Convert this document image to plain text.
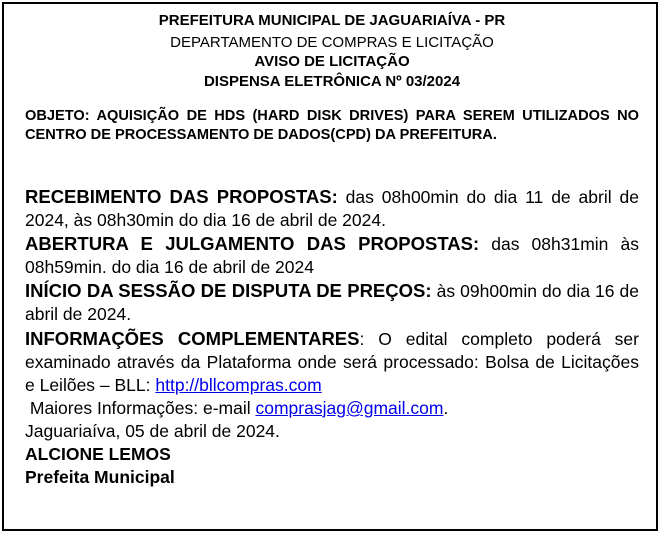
PREFEITURA MUNICIPAL DE JAGUARIAÍVA - PR
DEPARTAMENTO DE COMPRAS E LICITAÇÃO
AVISO DE LICITAÇÃO
DISPENSA ELETRÔNICA Nº 03/2024
OBJETO: AQUISIÇÃO DE HDS (HARD DISK DRIVES) PARA SEREM UTILIZADOS NO CENTRO DE PROCESSAMENTO DE DADOS(CPD) DA PREFEITURA.

RECEBIMENTO DAS PROPOSTAS: das 08h00min do dia 11 de abril de 2024, às 08h30min do dia 16 de abril de 2024.

ABERTURA E JULGAMENTO DAS PROPOSTAS: das 08h31min às 08h59min. do dia 16 de abril de 2024

INÍCIO DA SESSÃO DE DISPUTA DE PREÇOS: às 09h00min do dia 16 de abril de 2024.

INFORMAÇÕES COMPLEMENTARES: O edital completo poderá ser examinado através da Plataforma onde será processado: Bolsa de Licitações e Leilões – BLL: http://bllcompras.com

Maiores Informações: e-mail comprasjag@gmail.com.

Jaguariaíva, 05 de abril de 2024.

ALCIONE LEMOS

Prefeita Municipal
